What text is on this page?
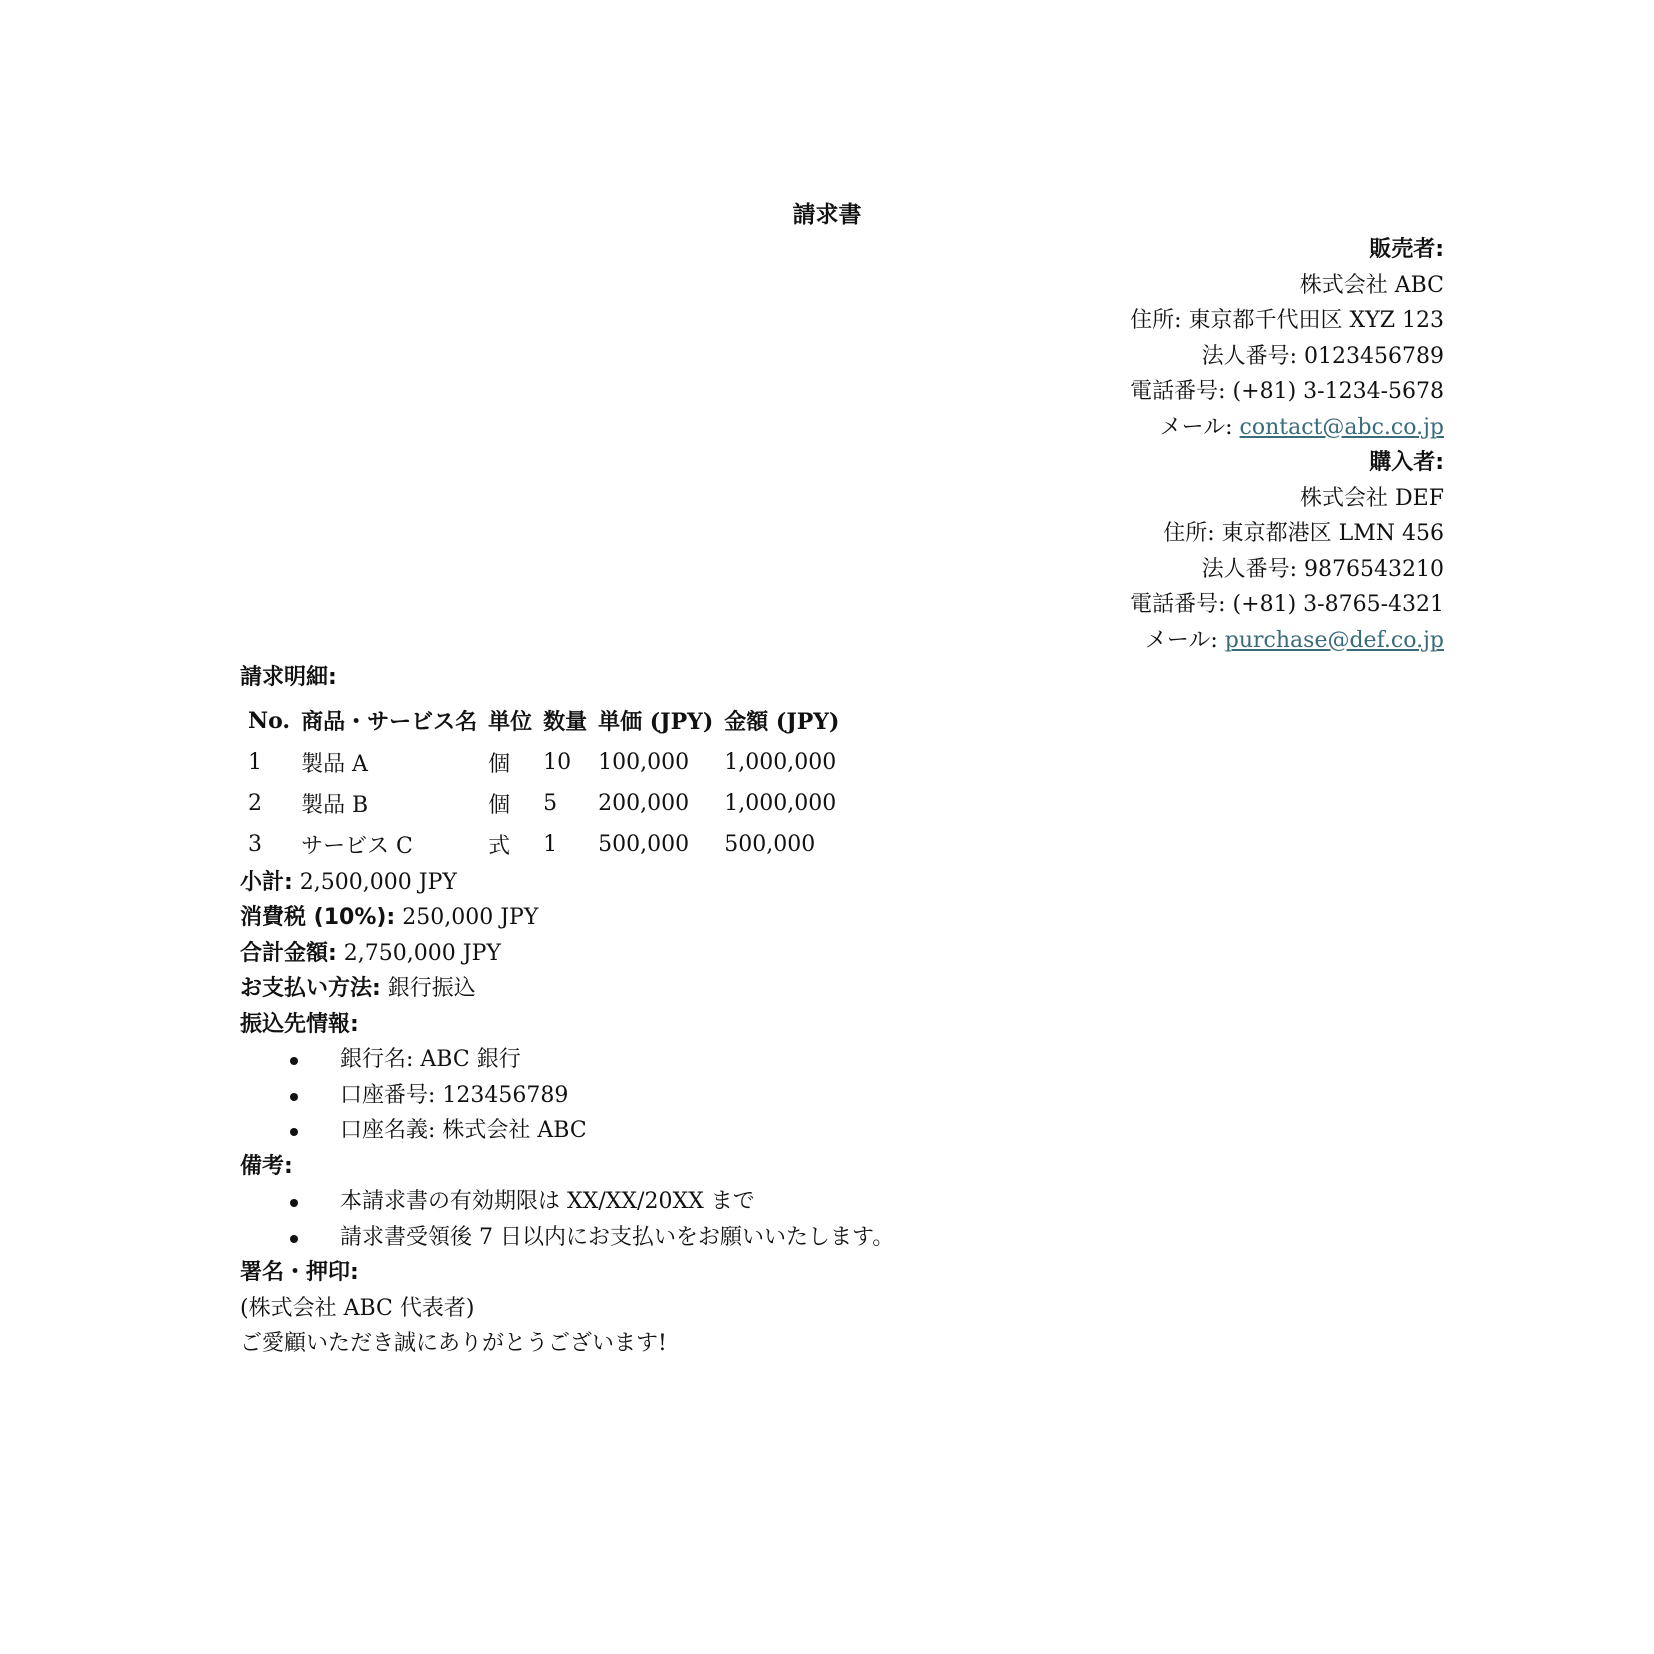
請求書
販売者:
株式会社 ABC
住所: 東京都千代田区 XYZ 123
法人番号: 0123456789
電話番号: (+81) 3-1234-5678
メール: contact@abc.co.jp
購入者:
株式会社 DEF
住所: 東京都港区 LMN 456
法人番号: 9876543210
電話番号: (+81) 3-8765-4321
メール: purchase@def.co.jp
請求明細:
No.	商品・サービス名	単位	数量	単価 (JPY)	金額 (JPY)
1	製品 A	個	10	100,000	1,000,000
2	製品 B	個	5	200,000	1,000,000
3	サービス C	式	1	500,000	500,000
小計: 2,500,000 JPY
消費税 (10%): 250,000 JPY
合計金額: 2,750,000 JPY
お支払い方法: 銀行振込
振込先情報:
銀行名: ABC 銀行
口座番号: 123456789
口座名義: 株式会社 ABC
備考:
本請求書の有効期限は XX/XX/20XX まで
請求書受領後 7 日以内にお支払いをお願いいたします。
署名・押印:
(株式会社 ABC 代表者)
ご愛顧いただき誠にありがとうございます!
